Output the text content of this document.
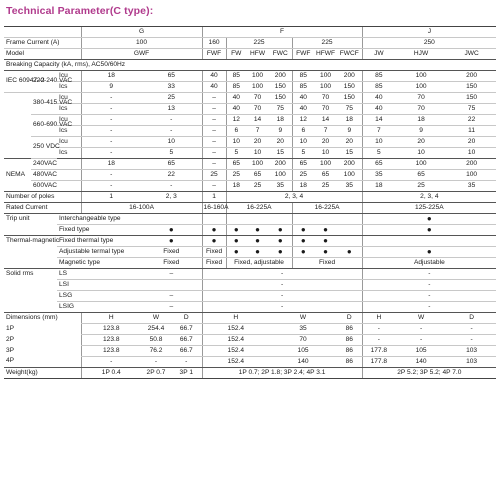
Technical Parameter(C type):
			G			F							J		
Frame Current (A)			100			160	225			225			250		
Model			GWF			FWF	FW	HFW	FWC	FWF	HFWF	FWCF	JW	HJW	JWC
Breaking Capacity (kA, rms), AC50/60Hz															
IEC 60947–2	220-240 VAC	Icu	18	65		40	85	100	200	85	100	200	85	100	200
		Ics	9	33		40	85	100	150	85	100	150	85	100	150
	380-415 VAC	Icu	-	25		–	40	70	150	40	70	150	40	70	150
		Ics	-	13		–	40	70	75	40	70	75	40	70	75
	660-690 VAC	Icu	-	-		–	12	14	18	12	14	18	14	18	22
		Ics	-	-		–	6	7	9	6	7	9	7	9	11
	250 VDC	Icu	-	10		–	10	20	20	10	20	20	10	20	20
		Ics	-	5		–	5	10	15	5	10	15	5	10	10
NEMA	240VAC		18	65		–	65	100	200	65	100	200	65	100	200
	480VAC		-	22		25	25	65	100	25	65	100	35	65	100
	600VAC		-	-		–	18	25	35	18	25	35	18	25	35
Number of poles			1	2, 3		1	2, 3, 4						2, 3, 4		
Rated Current			16-100A			16-160A	16-225A			16-225A			125-225A		
Trip unit		Interchangeable type											●		
		Fixed type		●		●	●	●	●	●	●		●		
Thermal-magnetic		Fixed thermal type		●		●	●	●	●	●	●				
		Adjustable termal type		Fixed		Fixed	●	●	●	●	●	●	●		
		Magnetic type		Fixed		Fixed	Fixed, adjustable			Fixed			Adjustable		
Solid rms		LS		–		-							-		
		LSI				-							-		
		LSG		–		-							-		
		LSIG		–		-							-		
Dimensions (mm)			H	W	D	H			W			D	H	W	D
1P			123.8	254.4	66.7	152.4			35			86	-	-	-
2P			123.8	50.8	66.7	152.4			70			86	-	-	-
3P			123.8	76.2	66.7	152.4			105			86	177.8	105	103
4P			-	-	-	152.4			140			86	177.8	140	103
Weight(kg)			1P 0.4	2P 0.7	3P 1	1P 0.7; 2P 1.8; 3P 2.4; 4P 3.1							2P 5.2; 3P 5.2; 4P 7.0		
